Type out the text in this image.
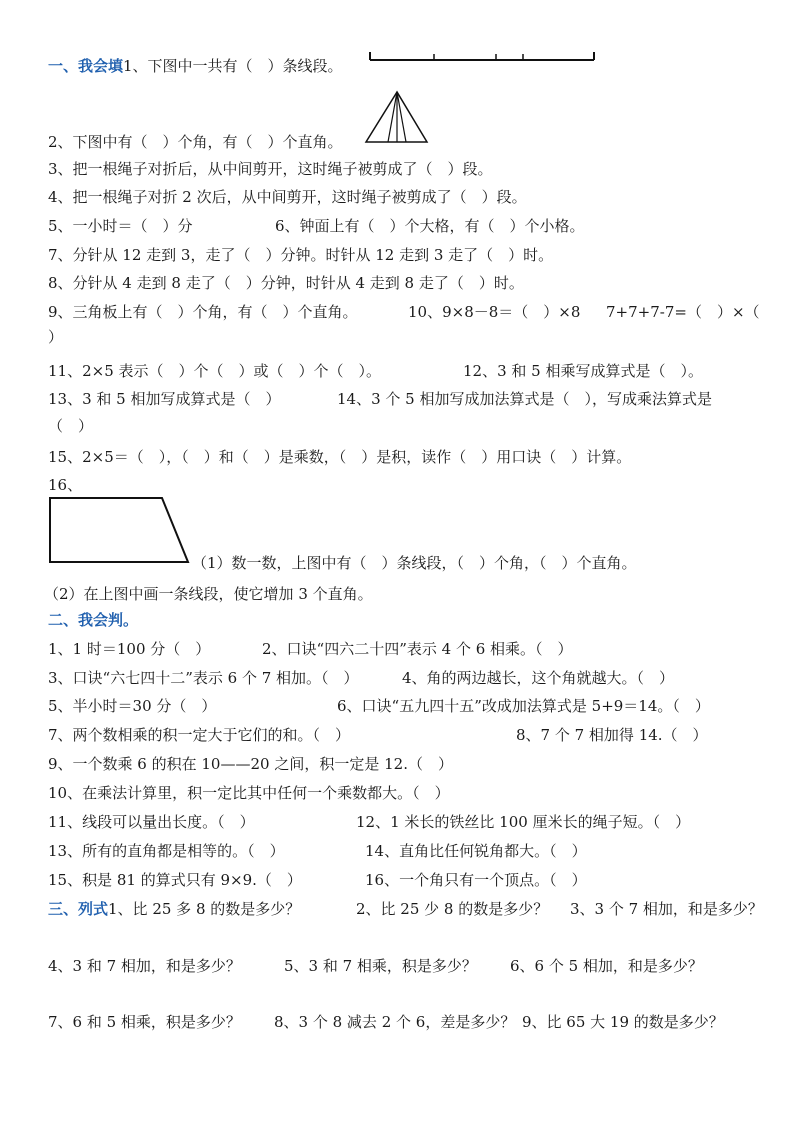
一、我会填1、下图中一共有（　）条线段。
2、下图中有（　）个角，有（　）个直角。
3、把一根绳子对折后，从中间剪开，这时绳子被剪成了（　）段。
4、把一根绳子对折 2 次后，从中间剪开，这时绳子被剪成了（　）段。
5、一小时＝（　）分	6、钟面上有（　）个大格，有（　）个小格。
7、分针从 12 走到 3，走了（　）分钟。时针从 12 走到 3 走了（　）时。
8、分针从 4 走到 8 走了（　）分钟，时针从 4 走到 8 走了（　）时。
9、三角板上有（　）个角，有（　）个直角。	10、9×8－8＝（　）×8 7+7+7-7=（　）×（
）
11、2×5 表示（　）个（　）或（　）个（　）。	12、3 和 5 相乘写成算式是（　）。
13、3 和 5 相加写成算式是（　）	14、3 个 5 相加写成加法算式是（　），写成乘法算式是
（　）
15、2×5＝（　），（　）和（　）是乘数，（　）是积，读作（　）用口诀（　）计算。
16、
（1）数一数，上图中有（　）条线段，（　）个角，（　）个直角。
（2）在上图中画一条线段，使它增加 3 个直角。
二、我会判。
1、1 时＝100 分（　）	2、口诀“四六二十四”表示 4 个 6 相乘。（　）
3、口诀“六七四十二”表示 6 个 7 相加。（　）	4、角的两边越长，这个角就越大。（　）
5、半小时＝30 分（　）	6、口诀“五九四十五”改成加法算式是 5+9＝14。（　）
7、两个数相乘的积一定大于它们的和。（　）	8、7 个 7 相加得 14.（　）
9、一个数乘 6 的积在 10——20 之间，积一定是 12.（　）
10、在乘法计算里，积一定比其中任何一个乘数都大。（　）
11、线段可以量出长度。（　）	12、1 米长的铁丝比 100 厘米长的绳子短。（　）
13、所有的直角都是相等的。（　）	14、直角比任何锐角都大。（　）
15、积是 81 的算式只有 9×9.（　）	16、一个角只有一个顶点。（　）
三、列式1、比 25 多 8 的数是多少？	2、比 25 少 8 的数是多少？ 3、3 个 7 相加，和是多少？
4、3 和 7 相加，和是多少？	5、3 和 7 相乘，积是多少？ 6、6 个 5 相加，和是多少？
7、6 和 5 相乘，积是多少？ 8、3 个 8 减去 2 个 6，差是多少？ 9、比 65 大 19 的数是多少？
